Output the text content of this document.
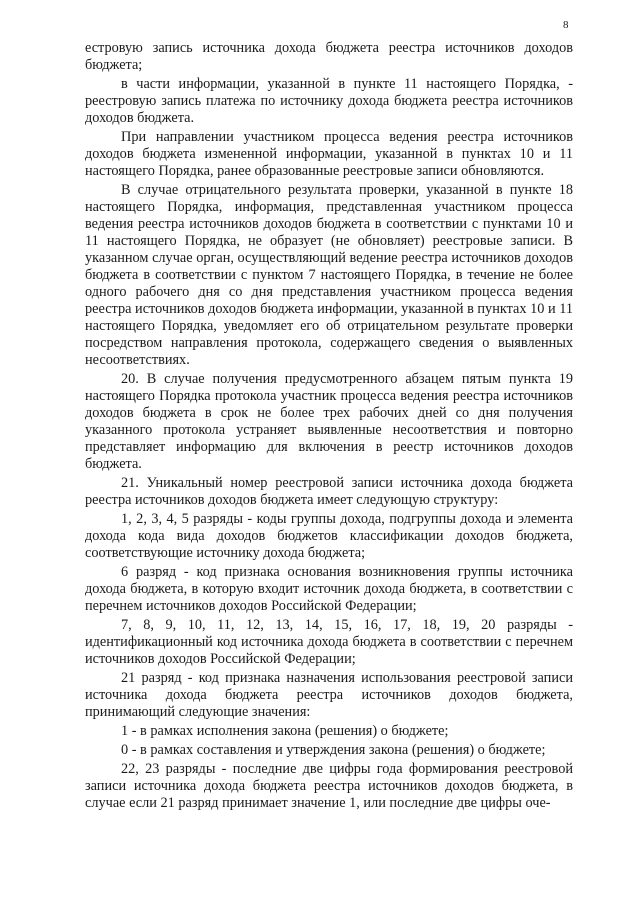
8

естровую запись источника дохода бюджета реестра источников доходов бюджета;

в части информации, указанной в пункте 11 настоящего Порядка, - реестровую запись платежа по источнику дохода бюджета реестра источников доходов бюджета.

При направлении участником процесса ведения реестра источников доходов бюджета измененной информации, указанной в пунктах 10 и 11 настоящего Порядка, ранее образованные реестровые записи обновляются.

В случае отрицательного результата проверки, указанной в пункте 18 настоящего Порядка, информация, представленная участником процесса ведения реестра источников доходов бюджета в соответствии с пунктами 10 и 11 настоящего Порядка, не образует (не обновляет) реестровые записи. В указанном случае орган, осуществляющий ведение реестра источников доходов бюджета в соответствии с пунктом 7 настоящего Порядка, в течение не более одного рабочего дня со дня представления участником процесса ведения реестра источников доходов бюджета информации, указанной в пунктах 10 и 11 настоящего Порядка, уведомляет его об отрицательном результате проверки посредством направления протокола, содержащего сведения о выявленных несоответствиях.

20. В случае получения предусмотренного абзацем пятым пункта 19 настоящего Порядка протокола участник процесса ведения реестра источников доходов бюджета в срок не более трех рабочих дней со дня получения указанного протокола устраняет выявленные несоответствия и повторно представляет информацию для включения в реестр источников доходов бюджета.

21. Уникальный номер реестровой записи источника дохода бюджета реестра источников доходов бюджета имеет следующую структуру:

1, 2, 3, 4, 5 разряды - коды группы дохода, подгруппы дохода и элемента дохода кода вида доходов бюджетов классификации доходов бюджета, соответствующие источнику дохода бюджета;

6 разряд - код признака основания возникновения группы источника дохода бюджета, в которую входит источник дохода бюджета, в соответствии с перечнем источников доходов Российской Федерации;

7, 8, 9, 10, 11, 12, 13, 14, 15, 16, 17, 18, 19, 20 разряды - идентификационный код источника дохода бюджета в соответствии с перечнем источников доходов Российской Федерации;

21 разряд - код признака назначения использования реестровой записи источника дохода бюджета реестра источников доходов бюджета, принимающий следующие значения:

1 - в рамках исполнения закона (решения) о бюджете;

0 - в рамках составления и утверждения закона (решения) о бюджете;

22, 23 разряды - последние две цифры года формирования реестровой записи источника дохода бюджета реестра источников доходов бюджета, в случае если 21 разряд принимает значение 1, или последние две цифры оче-
